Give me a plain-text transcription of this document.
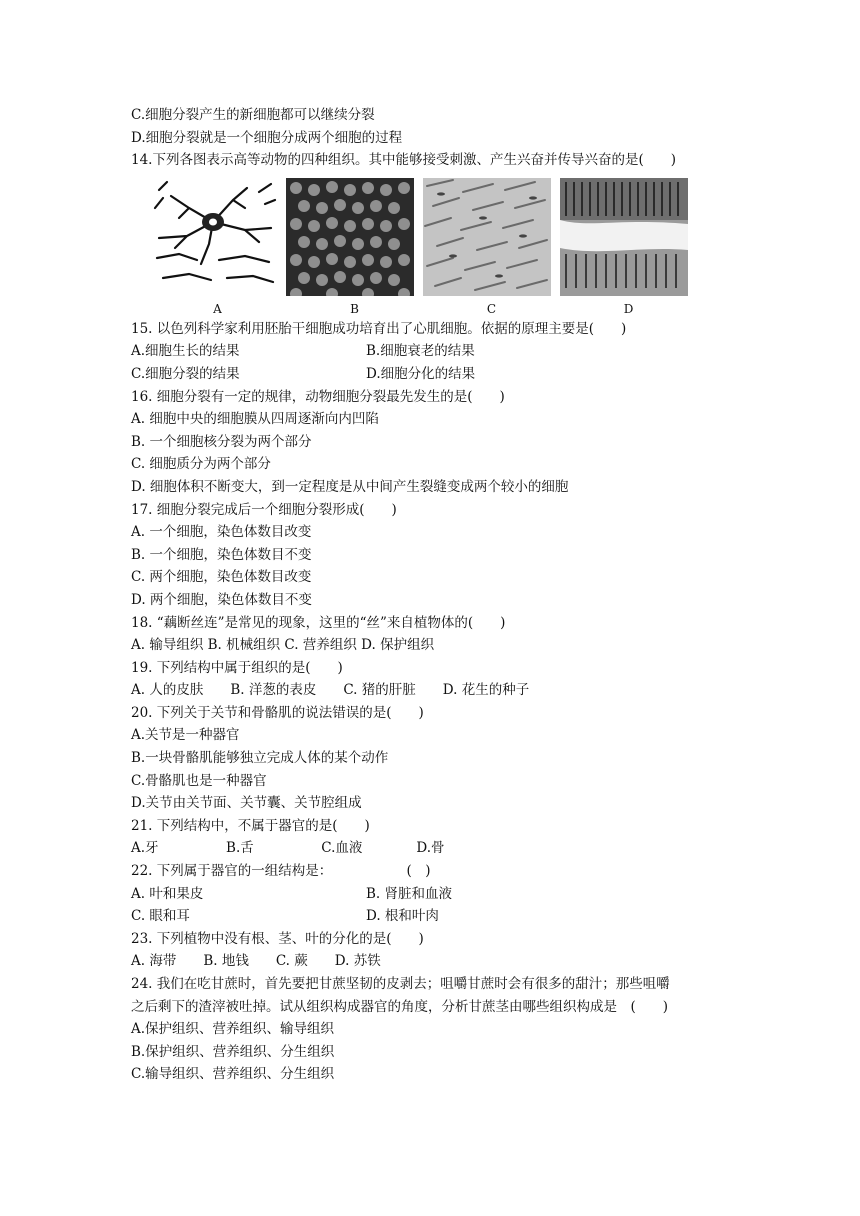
C.细胞分裂产生的新细胞都可以继续分裂
D.细胞分裂就是一个细胞分成两个细胞的过程
14.下列各图表示高等动物的四种组织。其中能够接受刺激、产生兴奋并传导兴奋的是(　　)
A	B	C	D
15. 以色列科学家利用胚胎干细胞成功培育出了心肌细胞。依据的原理主要是(　　)
A.细胞生长的结果	B.细胞衰老的结果
C.细胞分裂的结果	D.细胞分化的结果
16. 细胞分裂有一定的规律，动物细胞分裂最先发生的是(　　)
A. 细胞中央的细胞膜从四周逐渐向内凹陷
B. 一个细胞核分裂为两个部分
C. 细胞质分为两个部分
D. 细胞体积不断变大，到一定程度是从中间产生裂缝变成两个较小的细胞
17. 细胞分裂完成后一个细胞分裂形成(　　)
A. 一个细胞，染色体数目改变
B. 一个细胞，染色体数目不变
C. 两个细胞，染色体数目改变
D. 两个细胞，染色体数目不变
18. “藕断丝连”是常见的现象，这里的“丝”来自植物体的(　　)
A. 输导组织 B. 机械组织 C. 营养组织 D. 保护组织
19. 下列结构中属于组织的是(　　)
A. 人的皮肤　　B. 洋葱的表皮　　C. 猪的肝脏　　D. 花生的种子
20. 下列关于关节和骨骼肌的说法错误的是(　　)
A.关节是一种器官
B.一块骨骼肌能够独立完成人体的某个动作
C.骨骼肌也是一种器官
D.关节由关节面、关节囊、关节腔组成
21. 下列结构中，不属于器官的是(　　)
A.牙　　　　　B.舌　　　　　C.血液　　　　D.骨
22. 下列属于器官的一组结构是：　　　　　　(　)
A. 叶和果皮	B. 肾脏和血液
C. 眼和耳	D. 根和叶肉
23. 下列植物中没有根、茎、叶的分化的是(　　)
A. 海带　　B. 地钱　　C. 蕨　　D. 苏铁
24. 我们在吃甘蔗时，首先要把甘蔗坚韧的皮剥去；咀嚼甘蔗时会有很多的甜汁；那些咀嚼
之后剩下的渣滓被吐掉。试从组织构成器官的角度，分析甘蔗茎由哪些组织构成是　(　　)
A.保护组织、营养组织、输导组织
B.保护组织、营养组织、分生组织
C.输导组织、营养组织、分生组织
